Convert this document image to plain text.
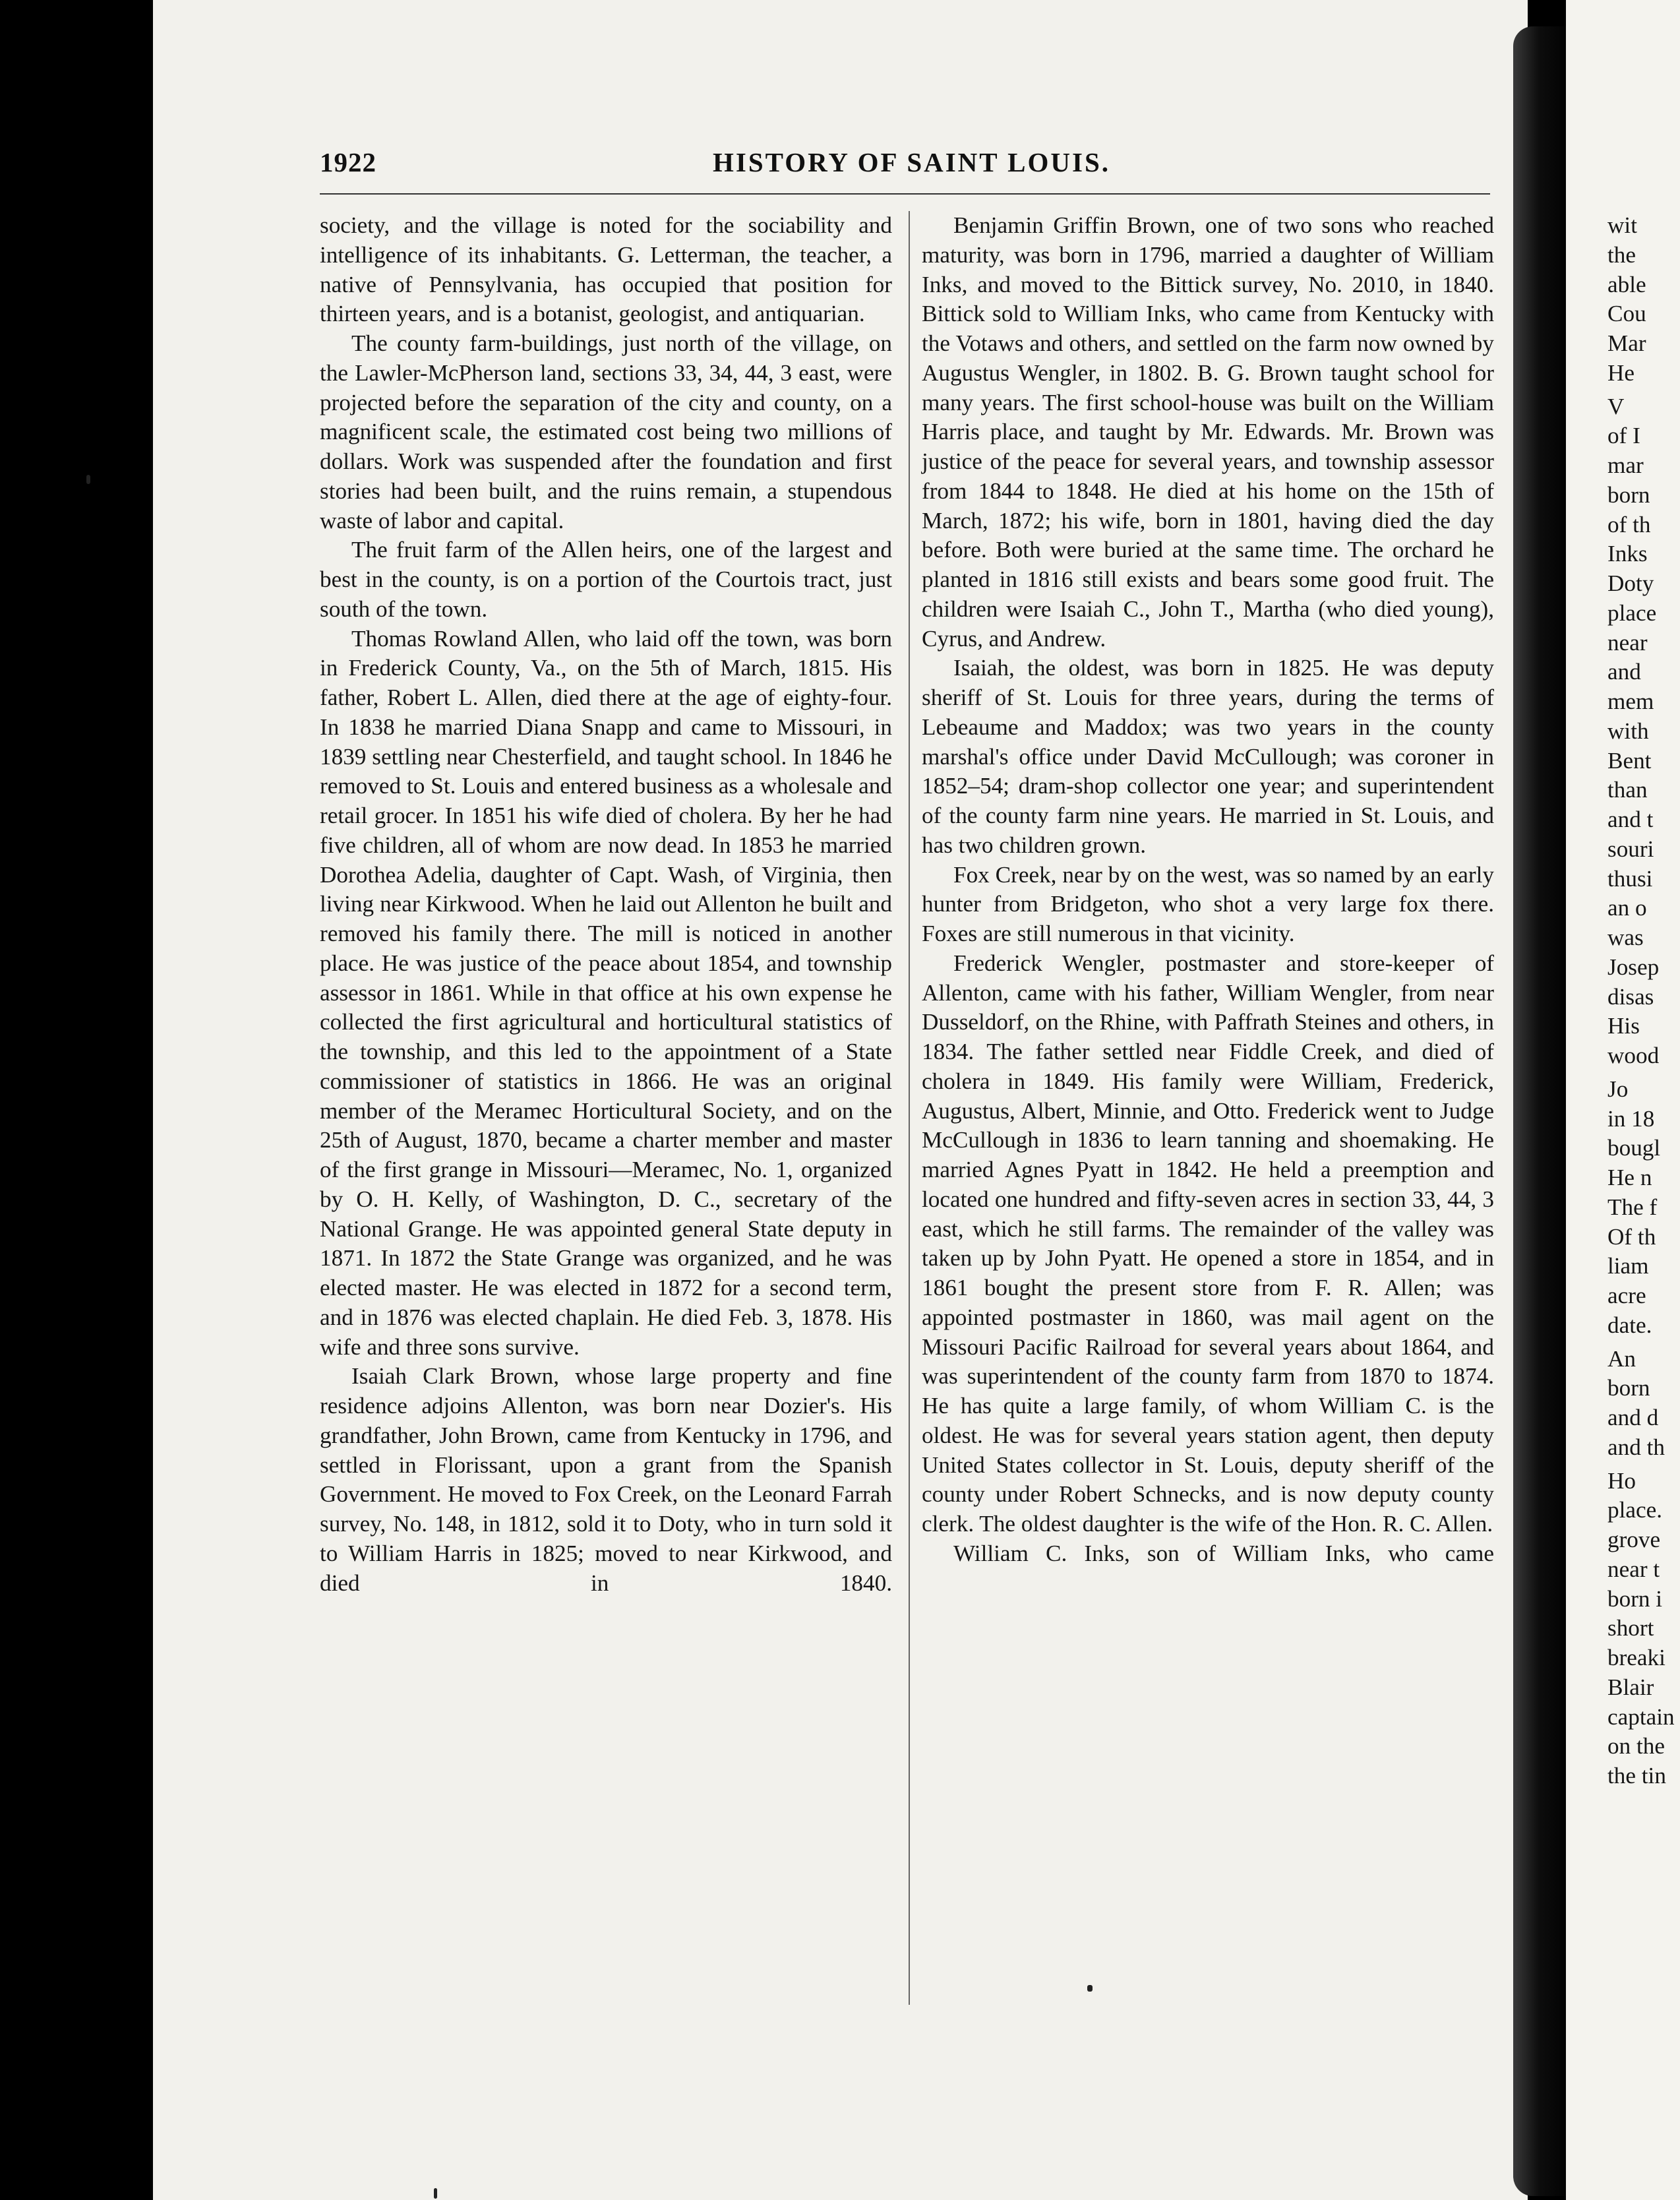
1922	HISTORY OF SAINT LOUIS.

society, and the village is noted for the sociability and intelligence of its inhabitants. G. Letterman, the teacher, a native of Pennsylvania, has occupied that position for thirteen years, and is a botanist, geologist, and antiquarian.

The county farm-buildings, just north of the village, on the Lawler-McPherson land, sections 33, 34, 44, 3 east, were projected before the separation of the city and county, on a magnificent scale, the estimated cost being two millions of dollars. Work was suspended after the foundation and first stories had been built, and the ruins remain, a stupendous waste of labor and capital.

The fruit farm of the Allen heirs, one of the largest and best in the county, is on a portion of the Courtois tract, just south of the town.

Thomas Rowland Allen, who laid off the town, was born in Frederick County, Va., on the 5th of March, 1815. His father, Robert L. Allen, died there at the age of eighty-four. In 1838 he married Diana Snapp and came to Missouri, in 1839 settling near Chesterfield, and taught school. In 1846 he removed to St. Louis and entered business as a wholesale and retail grocer. In 1851 his wife died of cholera. By her he had five children, all of whom are now dead. In 1853 he married Dorothea Adelia, daughter of Capt. Wash, of Virginia, then living near Kirkwood. When he laid out Allenton he built and removed his family there. The mill is noticed in another place. He was justice of the peace about 1854, and township assessor in 1861. While in that office at his own expense he collected the first agricultural and horticultural statistics of the township, and this led to the appointment of a State commissioner of statistics in 1866. He was an original member of the Meramec Horticultural Society, and on the 25th of August, 1870, became a charter member and master of the first grange in Missouri—Meramec, No. 1, organized by O. H. Kelly, of Washington, D. C., secretary of the National Grange. He was appointed general State deputy in 1871. In 1872 the State Grange was organized, and he was elected master. He was elected in 1872 for a second term, and in 1876 was elected chaplain. He died Feb. 3, 1878. His wife and three sons survive.

Isaiah Clark Brown, whose large property and fine residence adjoins Allenton, was born near Dozier's. His grandfather, John Brown, came from Kentucky in 1796, and settled in Florissant, upon a grant from the Spanish Government. He moved to Fox Creek, on the Leonard Farrah survey, No. 148, in 1812, sold it to Doty, who in turn sold it to William Harris in 1825; moved to near Kirkwood, and died in 1840.

Benjamin Griffin Brown, one of two sons who reached maturity, was born in 1796, married a daughter of William Inks, and moved to the Bittick survey, No. 2010, in 1840. Bittick sold to William Inks, who came from Kentucky with the Votaws and others, and settled on the farm now owned by Augustus Wengler, in 1802. B. G. Brown taught school for many years. The first school-house was built on the William Harris place, and taught by Mr. Edwards. Mr. Brown was justice of the peace for several years, and township assessor from 1844 to 1848. He died at his home on the 15th of March, 1872; his wife, born in 1801, having died the day before. Both were buried at the same time. The orchard he planted in 1816 still exists and bears some good fruit. The children were Isaiah C., John T., Martha (who died young), Cyrus, and Andrew.

Isaiah, the oldest, was born in 1825. He was deputy sheriff of St. Louis for three years, during the terms of Lebeaume and Maddox; was two years in the county marshal's office under David McCullough; was coroner in 1852–54; dram-shop collector one year; and superintendent of the county farm nine years. He married in St. Louis, and has two children grown.

Fox Creek, near by on the west, was so named by an early hunter from Bridgeton, who shot a very large fox there. Foxes are still numerous in that vicinity.

Frederick Wengler, postmaster and store-keeper of Allenton, came with his father, William Wengler, from near Dusseldorf, on the Rhine, with Paffrath Steines and others, in 1834. The father settled near Fiddle Creek, and died of cholera in 1849. His family were William, Frederick, Augustus, Albert, Minnie, and Otto. Frederick went to Judge McCullough in 1836 to learn tanning and shoemaking. He married Agnes Pyatt in 1842. He held a preemption and located one hundred and fifty-seven acres in section 33, 44, 3 east, which he still farms. The remainder of the valley was taken up by John Pyatt. He opened a store in 1854, and in 1861 bought the present store from F. R. Allen; was appointed postmaster in 1860, was mail agent on the Missouri Pacific Railroad for several years about 1864, and was superintendent of the county farm from 1870 to 1874. He has quite a large family, of whom William C. is the oldest. He was for several years station agent, then deputy United States collector in St. Louis, deputy sheriff of the county under Robert Schnecks, and is now deputy county clerk. The oldest daughter is the wife of the Hon. R. C. Allen.

William C. Inks, son of William Inks, who came

wit
the
able
Cou
Mar
He
V
of I
mar
born
of th
Inks
Doty
place
near
and
mem
with
Bent
than
and t
souri
thusi
an o
was
Josep
disas
His
wood
Jo
in 18
bougl
He n
The f
Of th
liam
acre
date.
An
born
and d
and th
Ho
place.
grove
near t
born i
short
breaki
Blair
captain
on the
the tin
